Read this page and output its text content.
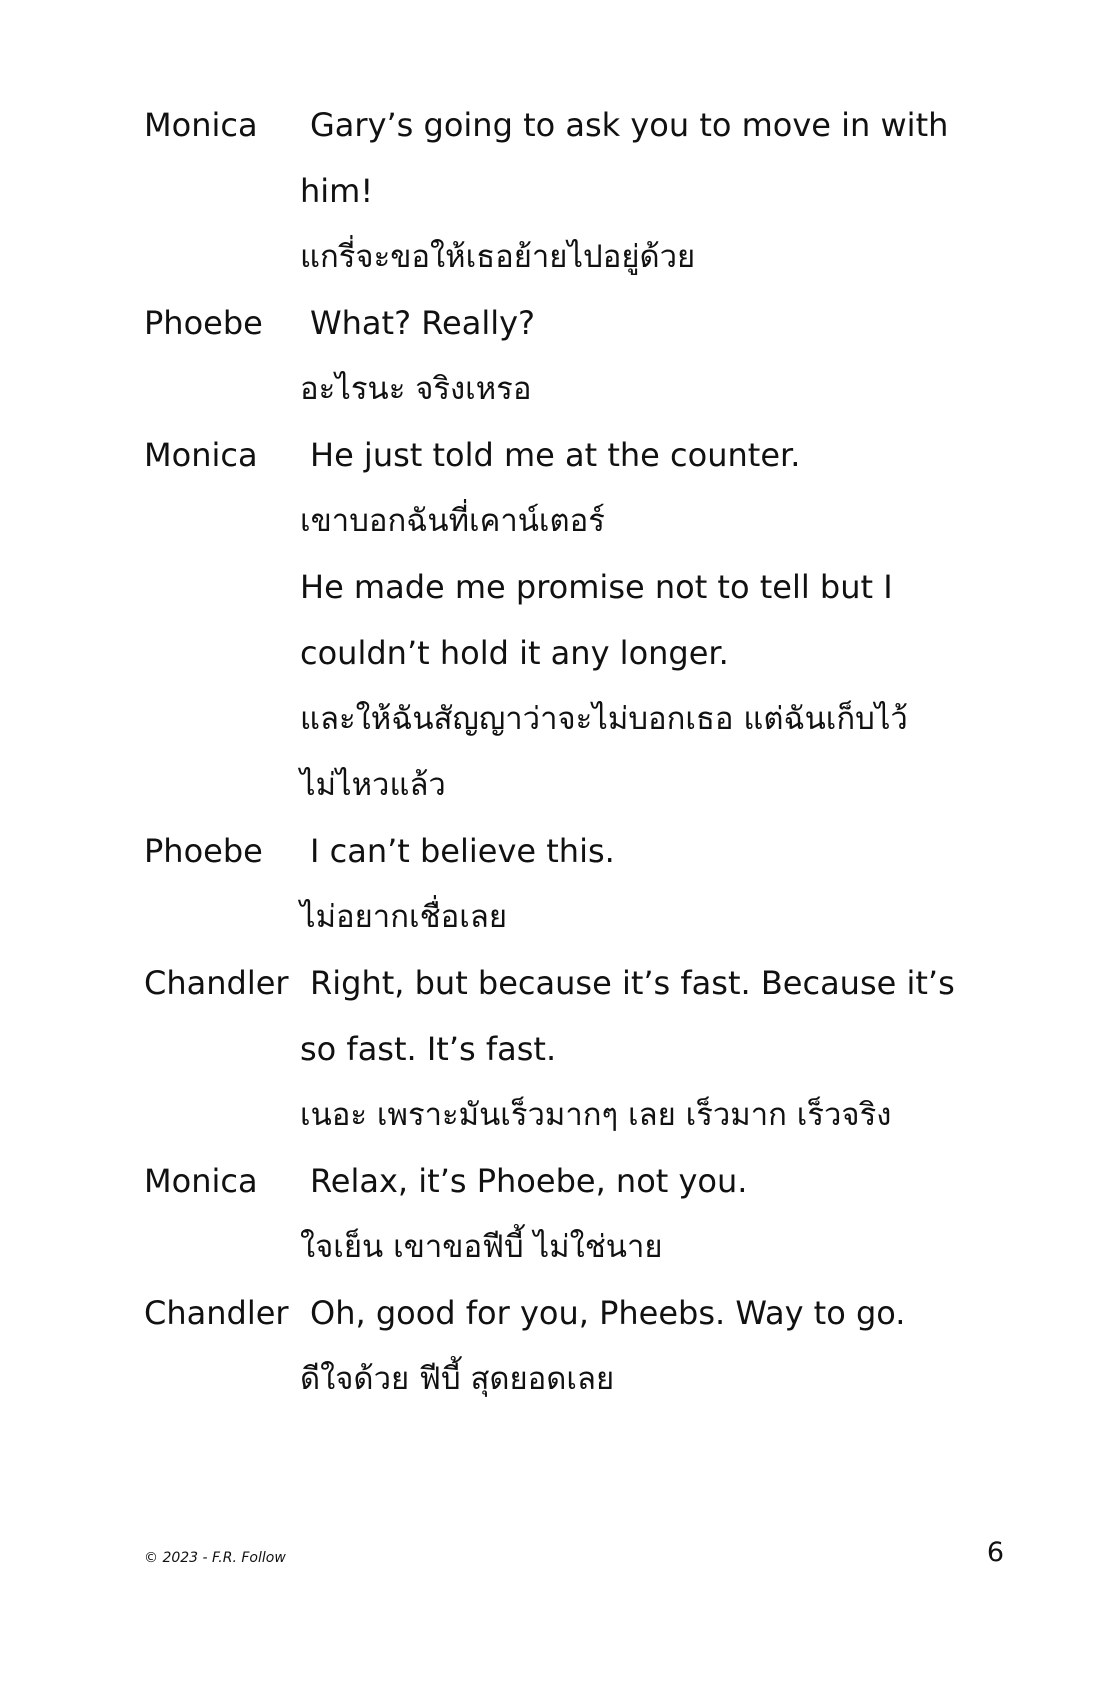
Monica	Gary’s going to ask you to move in with
him!
แกรี่จะขอให้เธอย้ายไปอยู่ด้วย
Phoebe	What? Really?
อะไรนะ จริงเหรอ
Monica	He just told me at the counter.
เขาบอกฉันที่เคาน์เตอร์
He made me promise not to tell but I
couldn’t hold it any longer.
และให้ฉันสัญญาว่าจะไม่บอกเธอ แต่ฉันเก็บไว้
ไม่ไหวแล้ว
Phoebe	I can’t believe this.
ไม่อยากเชื่อเลย
Chandler Right, but because it’s fast. Because it’s
so fast. It’s fast.
เนอะ เพราะมันเร็วมากๆ เลย เร็วมาก เร็วจริง
Monica	Relax, it’s Phoebe, not you.
ใจเย็น เขาขอฟีบี้ ไม่ใช่นาย
Chandler Oh, good for you, Pheebs. Way to go.
ดีใจด้วย ฟีบี้ สุดยอดเลย
© 2023 - F.R. Follow	6
